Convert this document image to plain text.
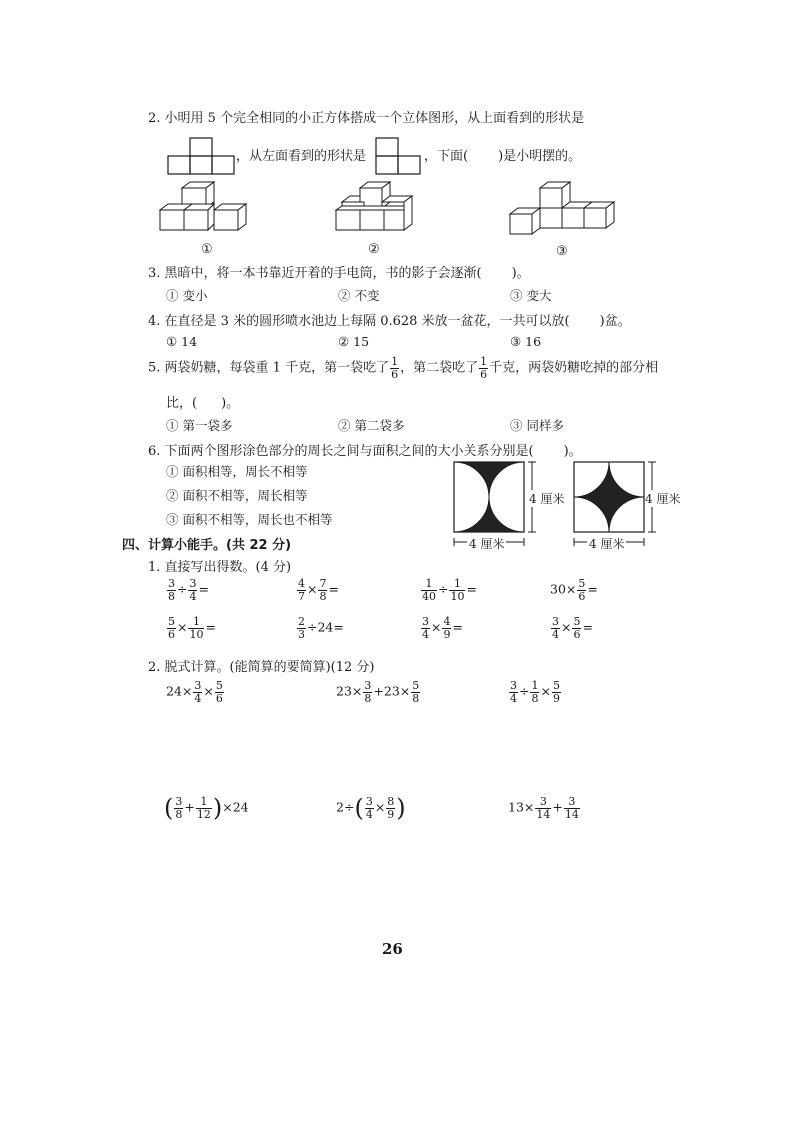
2. 小明用 5 个完全相同的小正方体搭成一个立体图形，从上面看到的形状是
，从左面看到的形状是	，下面( )是小明摆的。
①	②	③
3. 黑暗中，将一本书靠近开着的手电筒，书的影子会逐渐( )。
① 变小	② 不变	③ 变大
4. 在直径是 3 米的圆形喷水池边上每隔 0.628 米放一盆花，一共可以放( )盆。
① 14	② 15	③ 16
5. 两袋奶糖，每袋重 1 千克，第一袋吃了 $\frac{1}{6}$ ，第二袋吃了 $\frac{1}{6}$ 千克，两袋奶糖吃掉的部分相
比，( )。
① 第一袋多	② 第二袋多	③ 同样多
6. 下面两个图形涂色部分的周长之间与面积之间的大小关系分别是( )。
① 面积相等，周长不相等
② 面积不相等，周长相等
③ 面积不相等，周长也不相等
4 厘米
4 厘米
4 厘米
4 厘米
四、计算小能手。(共 22 分)
1. 直接写出得数。(4 分)
$\frac{3}{8} \div \frac{3}{4}$ =	$\frac{4}{7} \times \frac{7}{8}$ =	$\frac{1}{40} \div \frac{1}{10}$ =	$30\times \frac{5}{6}$ =
$\frac{5}{6} \times \frac{1}{10}$ =	$\frac{2}{3} \div 24=$	$\frac{3}{4} \times \frac{4}{9}$ =	$\frac{3}{4} \times \frac{5}{6}$ =
2. 脱式计算。(能简算的要简算)(12 分)
$24\times \frac{3}{4} \times \frac{5}{6}$	$23\times \frac{3}{8} +23\times \frac{5}{8}$	$\frac{3}{4} \div \frac{1}{8} \times \frac{5}{9}$
( $\frac{3}{8} + \frac{1}{12} )\times 24$	$2\div( \frac{3}{4} \times \frac{8}{9}$ )	$13\times \frac{3}{14} + \frac{3}{14}$
26
